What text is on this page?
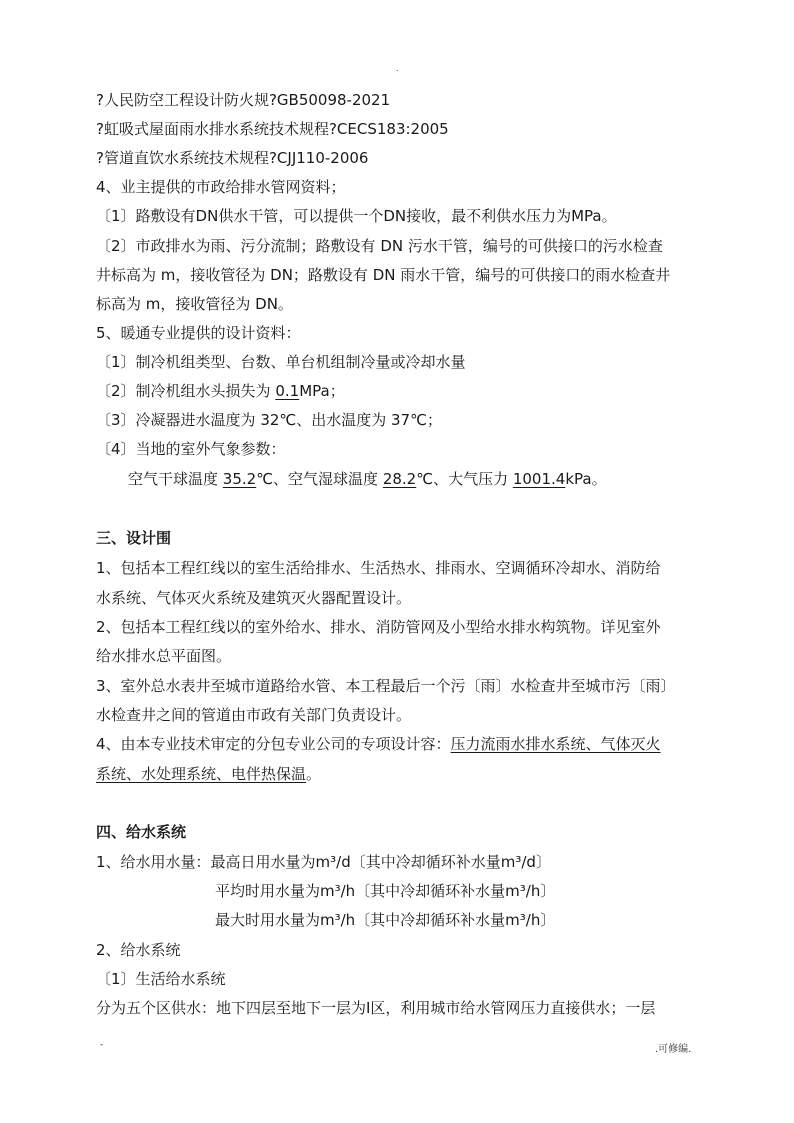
.
?人民防空工程设计防火规?GB50098-2021
?虹吸式屋面雨水排水系统技术规程?CECS183:2005
?管道直饮水系统技术规程?CJJ110-2006
4、业主提供的市政给排水管网资料；
〔1〕路敷设有DN供水干管，可以提供一个DN接收，最不利供水压力为MPa。
〔2〕市政排水为雨、污分流制；路敷设有 DN 污水干管，编号的可供接口的污水检查
井标高为 m，接收管径为 DN；路敷设有 DN 雨水干管，编号的可供接口的雨水检查井
标高为 m，接收管径为 DN。
5、暖通专业提供的设计资料：
〔1〕制冷机组类型、台数、单台机组制冷量或冷却水量
〔2〕制冷机组水头损失为 0.1MPa；
〔3〕冷凝器进水温度为 32℃、出水温度为 37℃；
〔4〕当地的室外气象参数：
空气干球温度 35.2℃、空气湿球温度 28.2℃、大气压力 1001.4kPa。
三、设计围
1、包括本工程红线以的室生活给排水、生活热水、排雨水、空调循环冷却水、消防给
水系统、气体灭火系统及建筑灭火器配置设计。
2、包括本工程红线以的室外给水、排水、消防管网及小型给水排水构筑物。详见室外
给水排水总平面图。
3、室外总水表井至城市道路给水管、本工程最后一个污〔雨〕水检查井至城市污〔雨〕
水检查井之间的管道由市政有关部门负责设计。
4、由本专业技术审定的分包专业公司的专项设计容：压力流雨水排水系统、气体灭火
系统、水处理系统、电伴热保温。
四、给水系统
1、给水用水量：最高日用水量为m³/d〔其中冷却循环补水量m³/d〕
平均时用水量为m³/h〔其中冷却循环补水量m³/h〕
最大时用水量为m³/h〔其中冷却循环补水量m³/h〕
2、给水系统
〔1〕生活给水系统
分为五个区供水：地下四层至地下一层为Ⅰ区，利用城市给水管网压力直接供水；一层
-	.可修编.
